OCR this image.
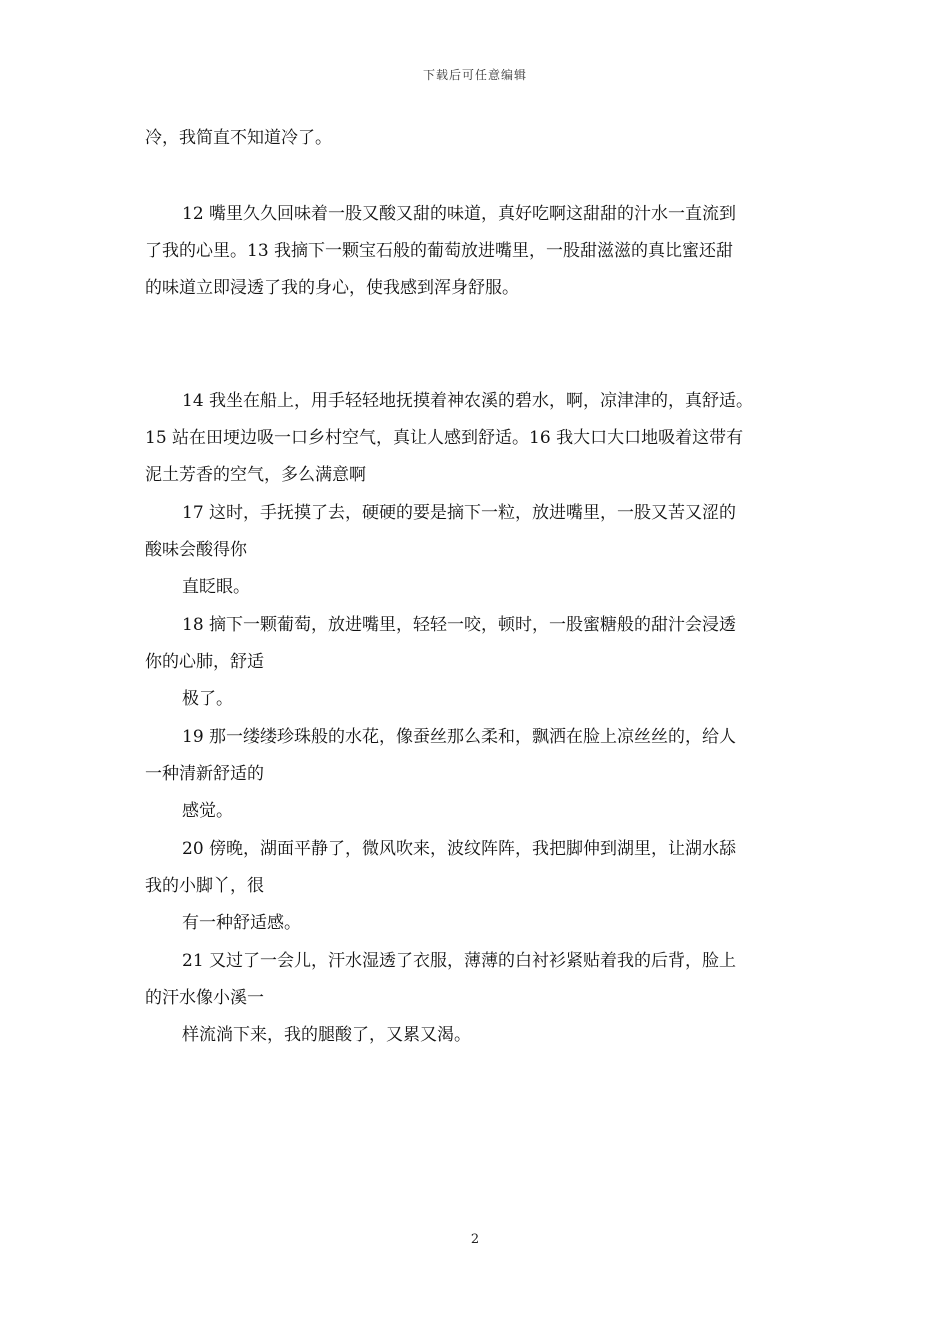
下载后可任意编辑
冷，我简直不知道冷了。
12 嘴里久久回味着一股又酸又甜的味道，真好吃啊这甜甜的汁水一直流到
了我的心里。13 我摘下一颗宝石般的葡萄放进嘴里，一股甜滋滋的真比蜜还甜
的味道立即浸透了我的身心，使我感到浑身舒服。
14 我坐在船上，用手轻轻地抚摸着神农溪的碧水，啊，凉津津的，真舒适。
15 站在田埂边吸一口乡村空气，真让人感到舒适。16 我大口大口地吸着这带有
泥土芳香的空气，多么满意啊
17 这时，手抚摸了去，硬硬的要是摘下一粒，放进嘴里，一股又苦又涩的
酸味会酸得你
直眨眼。
18 摘下一颗葡萄，放进嘴里，轻轻一咬，顿时，一股蜜糖般的甜汁会浸透
你的心肺，舒适
极了。
19 那一缕缕珍珠般的水花，像蚕丝那么柔和，飘洒在脸上凉丝丝的，给人
一种清新舒适的
感觉。
20 傍晚，湖面平静了，微风吹来，波纹阵阵，我把脚伸到湖里，让湖水舔
我的小脚丫，很
有一种舒适感。
21 又过了一会儿，汗水湿透了衣服，薄薄的白衬衫紧贴着我的后背，脸上
的汗水像小溪一
样流淌下来，我的腿酸了，又累又渴。
2
